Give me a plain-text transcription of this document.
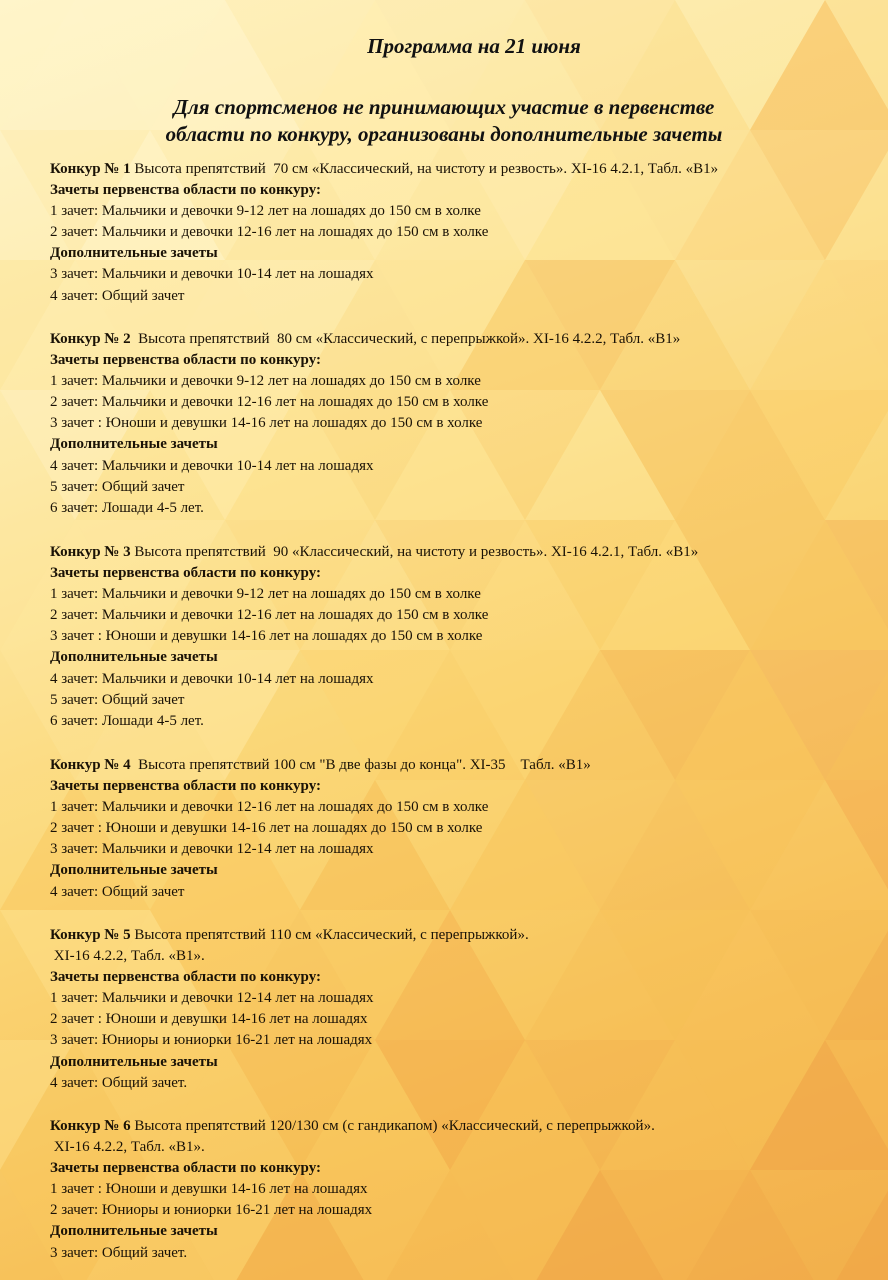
Программа на 21 июня
Для спортсменов не принимающих участие в первенстве
области по конкуру, организованы дополнительные зачеты

Конкур № 1 Высота препятствий  70 см «Классический, на чистоту и резвость». XI-16 4.2.1, Табл. «В1»

Зачеты первенства области по конкуру:

1 зачет: Мальчики и девочки 9-12 лет на лошадях до 150 см в холке

2 зачет: Мальчики и девочки 12-16 лет на лошадях до 150 см в холке

Дополнительные зачеты

3 зачет: Мальчики и девочки 10-14 лет на лошадях

4 зачет: Общий зачет

Конкур № 2  Высота препятствий  80 см «Классический, с перепрыжкой». XI-16 4.2.2, Табл. «В1»

Зачеты первенства области по конкуру:

1 зачет: Мальчики и девочки 9-12 лет на лошадях до 150 см в холке

2 зачет: Мальчики и девочки 12-16 лет на лошадях до 150 см в холке

3 зачет : Юноши и девушки 14-16 лет на лошадях до 150 см в холке

Дополнительные зачеты

4 зачет: Мальчики и девочки 10-14 лет на лошадях

5 зачет: Общий зачет

6 зачет: Лошади 4-5 лет.

Конкур № 3 Высота препятствий  90 «Классический, на чистоту и резвость». XI-16 4.2.1, Табл. «В1»

Зачеты первенства области по конкуру:

1 зачет: Мальчики и девочки 9-12 лет на лошадях до 150 см в холке

2 зачет: Мальчики и девочки 12-16 лет на лошадях до 150 см в холке

3 зачет : Юноши и девушки 14-16 лет на лошадях до 150 см в холке

Дополнительные зачеты

4 зачет: Мальчики и девочки 10-14 лет на лошадях

5 зачет: Общий зачет

6 зачет: Лошади 4-5 лет.

Конкур № 4  Высота препятствий 100 см "В две фазы до конца". XI-35    Табл. «В1»

Зачеты первенства области по конкуру:

1 зачет: Мальчики и девочки 12-16 лет на лошадях до 150 см в холке

2 зачет : Юноши и девушки 14-16 лет на лошадях до 150 см в холке

3 зачет: Мальчики и девочки 12-14 лет на лошадях

Дополнительные зачеты

4 зачет: Общий зачет

Конкур № 5 Высота препятствий 110 см «Классический, с перепрыжкой».

XI-16 4.2.2, Табл. «В1».

Зачеты первенства области по конкуру:

1 зачет: Мальчики и девочки 12-14 лет на лошадях

2 зачет : Юноши и девушки 14-16 лет на лошадях

3 зачет: Юниоры и юниорки 16-21 лет на лошадях

Дополнительные зачеты

4 зачет: Общий зачет.

Конкур № 6 Высота препятствий 120/130 см (с гандикапом) «Классический, с перепрыжкой».

XI-16 4.2.2, Табл. «В1».

Зачеты первенства области по конкуру:

1 зачет : Юноши и девушки 14-16 лет на лошадях

2 зачет: Юниоры и юниорки 16-21 лет на лошадях

Дополнительные зачеты

3 зачет: Общий зачет.
